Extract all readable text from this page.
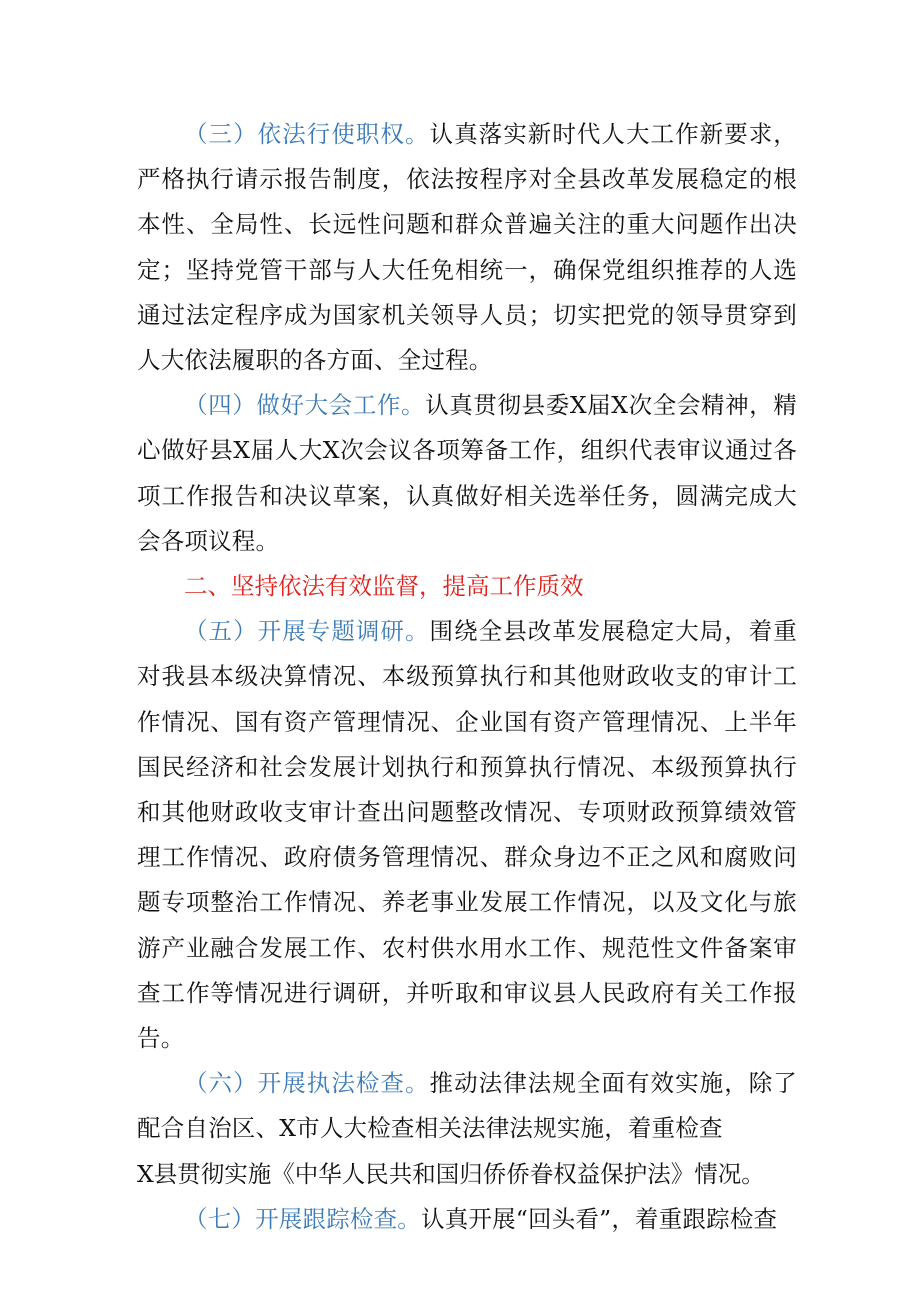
（三）依法行使职权。认真落实新时代人大工作新要求，严格执行请示报告制度，依法按程序对全县改革发展稳定的根本性、全局性、长远性问题和群众普遍关注的重大问题作出决定；坚持党管干部与人大任免相统一，确保党组织推荐的人选通过法定程序成为国家机关领导人员；切实把党的领导贯穿到人大依法履职的各方面、全过程。

（四）做好大会工作。认真贯彻县委X届X次全会精神，精心做好县X届人大X次会议各项筹备工作，组织代表审议通过各项工作报告和决议草案，认真做好相关选举任务，圆满完成大会各项议程。

二、坚持依法有效监督，提高工作质效

（五）开展专题调研。围绕全县改革发展稳定大局，着重对我县本级决算情况、本级预算执行和其他财政收支的审计工作情况、国有资产管理情况、企业国有资产管理情况、上半年国民经济和社会发展计划执行和预算执行情况、本级预算执行和其他财政收支审计查出问题整改情况、专项财政预算绩效管理工作情况、政府债务管理情况、群众身边不正之风和腐败问题专项整治工作情况、养老事业发展工作情况，以及文化与旅游产业融合发展工作、农村供水用水工作、规范性文件备案审查工作等情况进行调研，并听取和审议县人民政府有关工作报告。

（六）开展执法检查。推动法律法规全面有效实施，除了配合自治区、X市人大检查相关法律法规实施，着重检查

X县贯彻实施《中华人民共和国归侨侨眷权益保护法》情况。

（七）开展跟踪检查。认真开展“回头看”，着重跟踪检查
